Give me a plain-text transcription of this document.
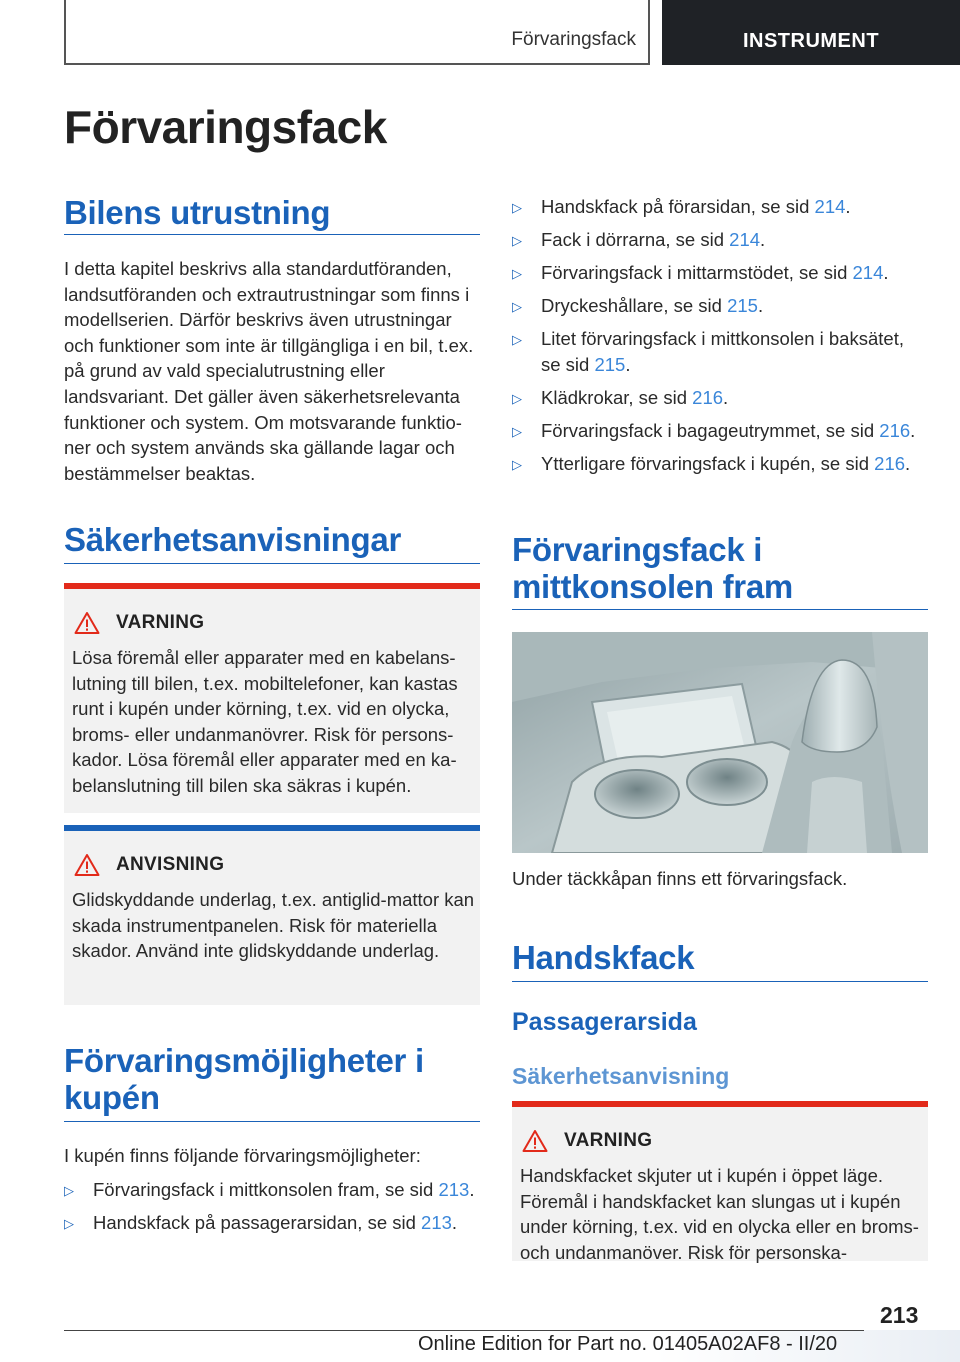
Förvaringsfack	INSTRUMENT
Förvaringsfack
Bilens utrustning

I detta kapitel beskrivs alla standardutföranden, landsutföranden och extrautrustningar som finns i modellserien. Därför beskrivs även utrustningar och funktioner som inte är tillgängliga i en bil, t.ex. på grund av vald specialutrustning eller landsvariant. Det gäller även säkerhetsrelevanta funktioner och system. Om motsvarande funktioner och system används ska gällande lagar och bestämmelser beaktas.

Säkerhetsanvisningar
VARNING

Lösa föremål eller apparater med en kabelanslutning till bilen, t.ex. mobiltelefoner, kan kastas runt i kupén under körning, t.ex. vid en olycka, broms- eller undanmanövrer. Risk för personskador. Lösa föremål eller apparater med en kabelanslutning till bilen ska säkras i kupén.

ANVISNING

Glidskyddande underlag, t.ex. antiglid-mattor kan skada instrumentpanelen. Risk för materiella skador. Använd inte glidskyddande underlag.

Förvaringsmöjligheter i
kupén

I kupén finns följande förvaringsmöjligheter:

▷ Förvaringsfack i mittkonsolen fram, se sid 213.
▷ Handskfack på passagerarsidan, se sid 213.
▷ Handskfack på förarsidan, se sid 214.
▷ Fack i dörrarna, se sid 214.
▷ Förvaringsfack i mittarmstödet, se sid 214.
▷ Dryckeshållare, se sid 215.
▷ Litet förvaringsfack i mittkonsolen i baksätet, se sid 215.
▷ Klädkrokar, se sid 216.
▷ Förvaringsfack i bagageutrymmet, se sid 216.
▷ Ytterligare förvaringsfack i kupén, se sid 216.
Förvaringsfack i
mittkonsolen fram

Under täckkåpan finns ett förvaringsfack.

Handskfack
Passagerarsida
Säkerhetsanvisning
VARNING

Handskfacket skjuter ut i kupén i öppet läge. Föremål i handskfacket kan slungas ut i kupén under körning, t.ex. vid en olycka eller en broms- och undanmanöver. Risk för personska-

213
Online Edition for Part no. 01405A02AF8 - II/20
